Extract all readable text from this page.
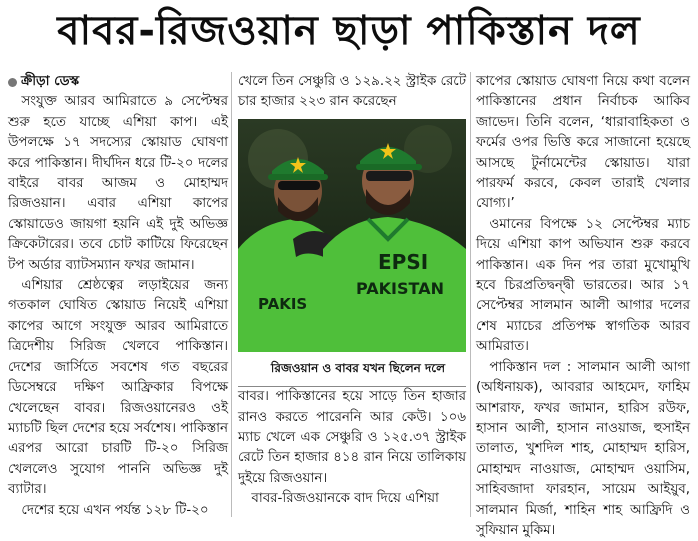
বাবর-রিজওয়ান ছাড়া পাকিস্তান দল
ক্রীড়া ডেস্ক

সংযুক্ত আরব আমিরাতে ৯ সেপ্টেম্বর শুরু হতে যাচ্ছে এশিয়া কাপ। এই উপলক্ষে ১৭ সদস্যের স্কোয়াড ঘোষণা করে পাকিস্তান। দীর্ঘদিন ধরে টি-২০ দলের বাইরে বাবর আজম ও মোহাম্মদ রিজওয়ান। এবার এশিয়া কাপের স্কোয়াডেও জায়গা হয়নি এই দুই অভিজ্ঞ ক্রিকেটারের। তবে চোট কাটিয়ে ফিরেছেন টপ অর্ডার ব্যাটসম্যান ফখর জামান।

এশিয়ার শ্রেষ্ঠত্বের লড়াইয়ের জন্য গতকাল ঘোষিত স্কোয়াড নিয়েই এশিয়া কাপের আগে সংযুক্ত আরব আমিরাতে ত্রিদেশীয় সিরিজ খেলবে পাকিস্তান। দেশের জার্সিতে সবশেষ গত বছরের ডিসেম্বরে দক্ষিণ আফ্রিকার বিপক্ষে খেলেছেন বাবর। রিজওয়ানেরও ওই ম্যাচটি ছিল দেশের হয়ে সর্বশেষ। পাকিস্তান এরপর আরো চারটি টি-২০ সিরিজ খেললেও সুযোগ পাননি অভিজ্ঞ দুই ব্যাটার।

দেশের হয়ে এখন পর্যন্ত ১২৮ টি-২০

খেলে তিন সেঞ্চুরি ও ১২৯.২২ স্ট্রাইক রেটে চার হাজার ২২৩ রান করেছেন

PAKIS
EPSI
PAKISTAN

রিজওয়ান ও বাবর যখন ছিলেন দলে

বাবর। পাকিস্তানের হয়ে সাড়ে তিন হাজার রানও করতে পারেননি আর কেউ। ১০৬ ম্যাচ খেলে এক সেঞ্চুরি ও ১২৫.৩৭ স্ট্রাইক রেটে তিন হাজার ৪১৪ রান নিয়ে তালিকায় দুইয়ে রিজওয়ান।

বাবর-রিজওয়ানকে বাদ দিয়ে এশিয়া

কাপের স্কোয়াড ঘোষণা নিয়ে কথা বলেন পাকিস্তানের প্রধান নির্বাচক আকিব জাভেদ। তিনি বলেন, ‘ধারাবাহিকতা ও ফর্মের ওপর ভিত্তি করে সাজানো হয়েছে আসছে টুর্নামেন্টের স্কোয়াড। যারা পারফর্ম করবে, কেবল তারাই খেলার যোগ্য।’

ওমানের বিপক্ষে ১২ সেপ্টেম্বর ম্যাচ দিয়ে এশিয়া কাপ অভিযান শুরু করবে পাকিস্তান। এক দিন পর তারা মুখোমুখি হবে চিরপ্রতিদ্বন্দ্বী ভারতের। আর ১৭ সেপ্টেম্বর সালমান আলী আগার দলের শেষ ম্যাচের প্রতিপক্ষ স্বাগতিক আরব আমিরাত।

পাকিস্তান দল : সালমান আলী আগা (অধিনায়ক), আবরার আহমেদ, ফাহিম আশরাফ, ফখর জামান, হারিস রউফ, হাসান আলী, হাসান নাওয়াজ, হুসাইন তালাত, খুশদিল শাহ, মোহাম্মদ হারিস, মোহাম্মদ নাওয়াজ, মোহাম্মদ ওয়াসিম, সাহিবজাদা ফারহান, সায়েম আইয়ুব, সালমান মির্জা, শাহিন শাহ আফ্রিদি ও সুফিয়ান মুকিম।
